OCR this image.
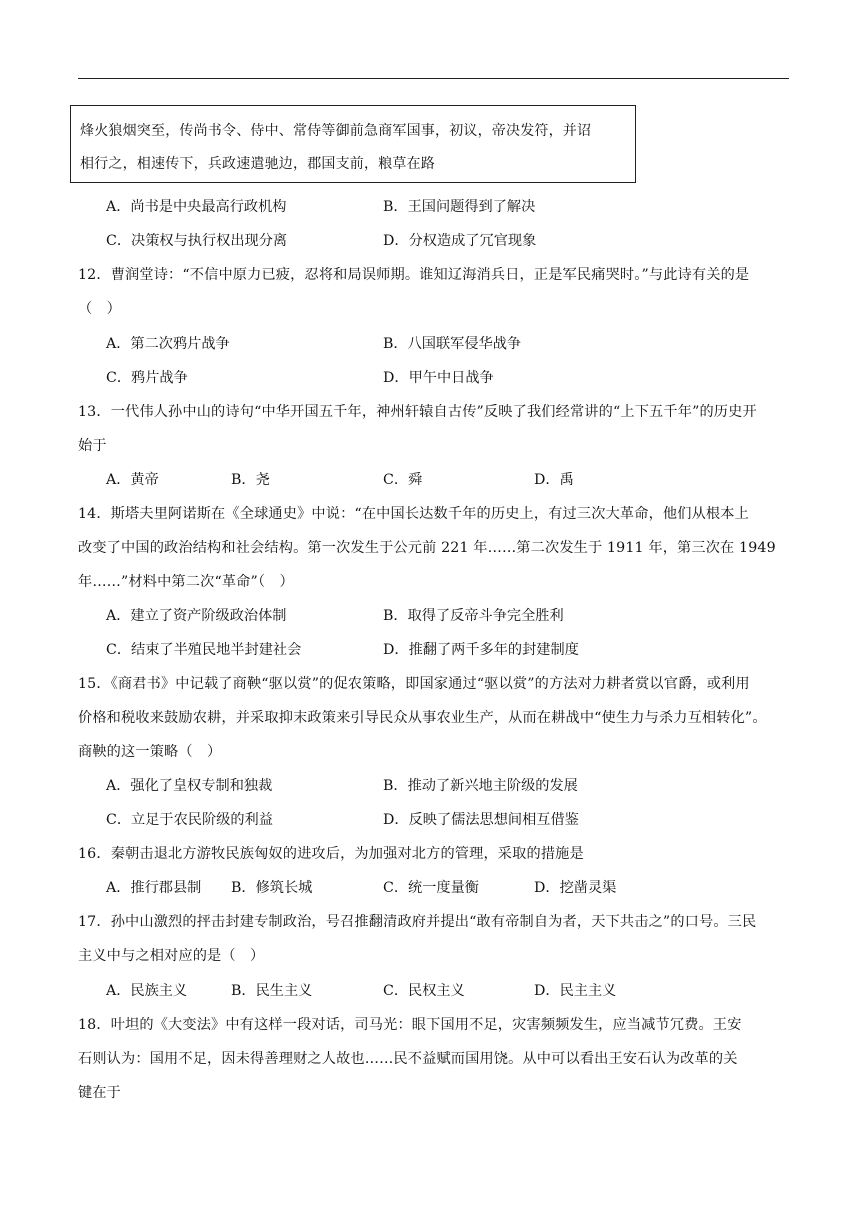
烽火狼烟突至，传尚书令、侍中、常侍等御前急商军国事，初议，帝决发符，并诏
相行之，相速传下，兵政速遣驰边，郡国支前，粮草在路
A．尚书是中央最高行政机构	B．王国问题得到了解决
C．决策权与执行权出现分离	D．分权造成了冗官现象
12．曹润堂诗：“不信中原力已疲，忍将和局误师期。谁知辽海消兵日，正是军民痛哭时。”与此诗有关的是
（　）
A．第二次鸦片战争	B．八国联军侵华战争
C．鸦片战争	D．甲午中日战争
13．一代伟人孙中山的诗句“中华开国五千年，神州轩辕自古传”反映了我们经常讲的“上下五千年”的历史开
始于
A．黄帝	B．尧	C．舜	D．禹
14．斯塔夫里阿诺斯在《全球通史》中说：“在中国长达数千年的历史上，有过三次大革命，他们从根本上
改变了中国的政治结构和社会结构。第一次发生于公元前 221 年……第二次发生于 1911 年，第三次在 1949
年……”材料中第二次“革命”（　）
A．建立了资产阶级政治体制	B．取得了反帝斗争完全胜利
C．结束了半殖民地半封建社会	D．推翻了两千多年的封建制度
15．《商君书》中记载了商鞅“驱以赏”的促农策略，即国家通过“驱以赏”的方法对力耕者赏以官爵，或利用
价格和税收来鼓励农耕，并采取抑末政策来引导民众从事农业生产，从而在耕战中“使生力与杀力互相转化”。
商鞅的这一策略（　）
A．强化了皇权专制和独裁	B．推动了新兴地主阶级的发展
C．立足于农民阶级的利益	D．反映了儒法思想间相互借鉴
16．秦朝击退北方游牧民族匈奴的进攻后，为加强对北方的管理，采取的措施是
A．推行郡县制 B．修筑长城	C．统一度量衡	D．挖凿灵渠
17．孙中山激烈的抨击封建专制政治，号召推翻清政府并提出“敢有帝制自为者，天下共击之”的口号。三民
主义中与之相对应的是（　）
A．民族主义	B．民生主义	C．民权主义	D．民主主义
18．叶坦的《大变法》中有这样一段对话，司马光：眼下国用不足，灾害频频发生，应当减节冗费。王安
石则认为：国用不足，因未得善理财之人故也……民不益赋而国用饶。从中可以看出王安石认为改革的关
键在于
